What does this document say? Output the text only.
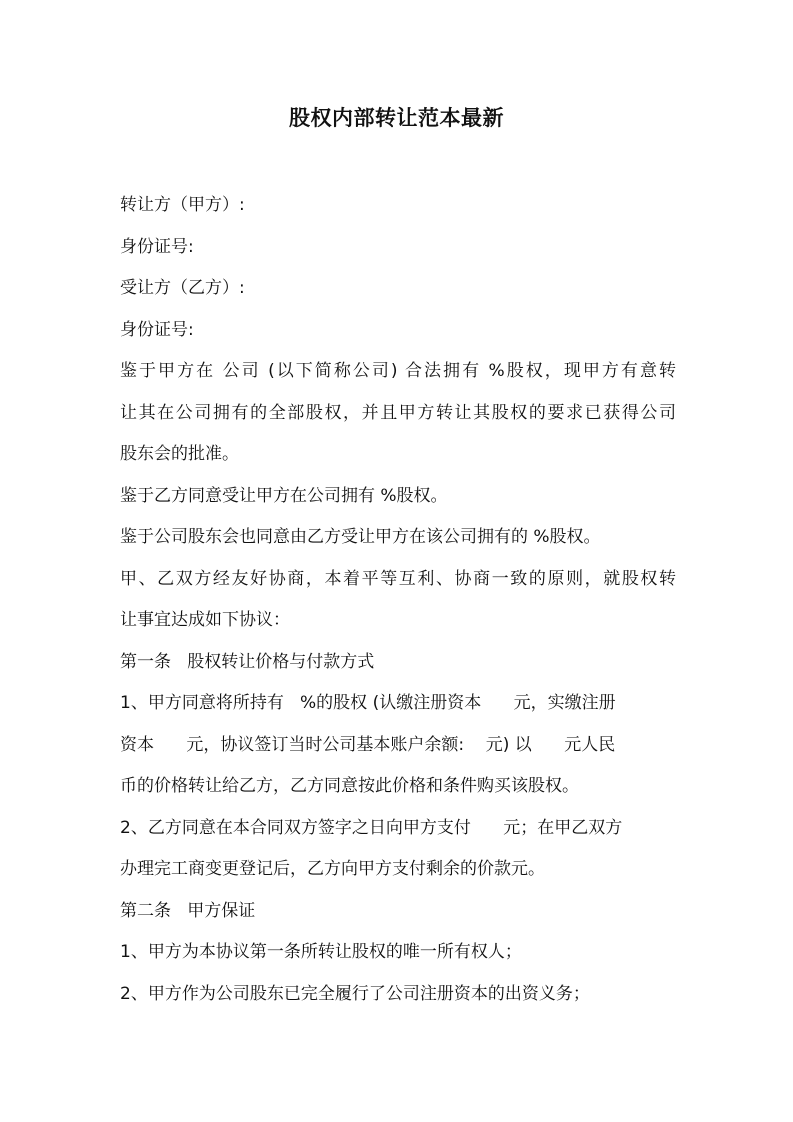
股权内部转让范本最新

转让方（甲方）:

身份证号:

受让方（乙方）:

身份证号:

鉴于甲方在 公司 (以下简称公司) 合法拥有 %股权，现甲方有意转

让其在公司拥有的全部股权，并且甲方转让其股权的要求已获得公司

股东会的批准。

鉴于乙方同意受让甲方在公司拥有 %股权。

鉴于公司股东会也同意由乙方受让甲方在该公司拥有的 %股权。

甲、乙双方经友好协商，本着平等互利、协商一致的原则，就股权转

让事宜达成如下协议：

第一条   股权转让价格与付款方式

1、甲方同意将所持有   %的股权 (认缴注册资本      元，实缴注册

资本      元，协议签订当时公司基本账户余额:    元) 以      元人民

币的价格转让给乙方，乙方同意按此价格和条件购买该股权。

2、乙方同意在本合同双方签字之日向甲方支付      元；在甲乙双方

办理完工商变更登记后，乙方向甲方支付剩余的价款元。

第二条   甲方保证

1、甲方为本协议第一条所转让股权的唯一所有权人；

2、甲方作为公司股东已完全履行了公司注册资本的出资义务；
